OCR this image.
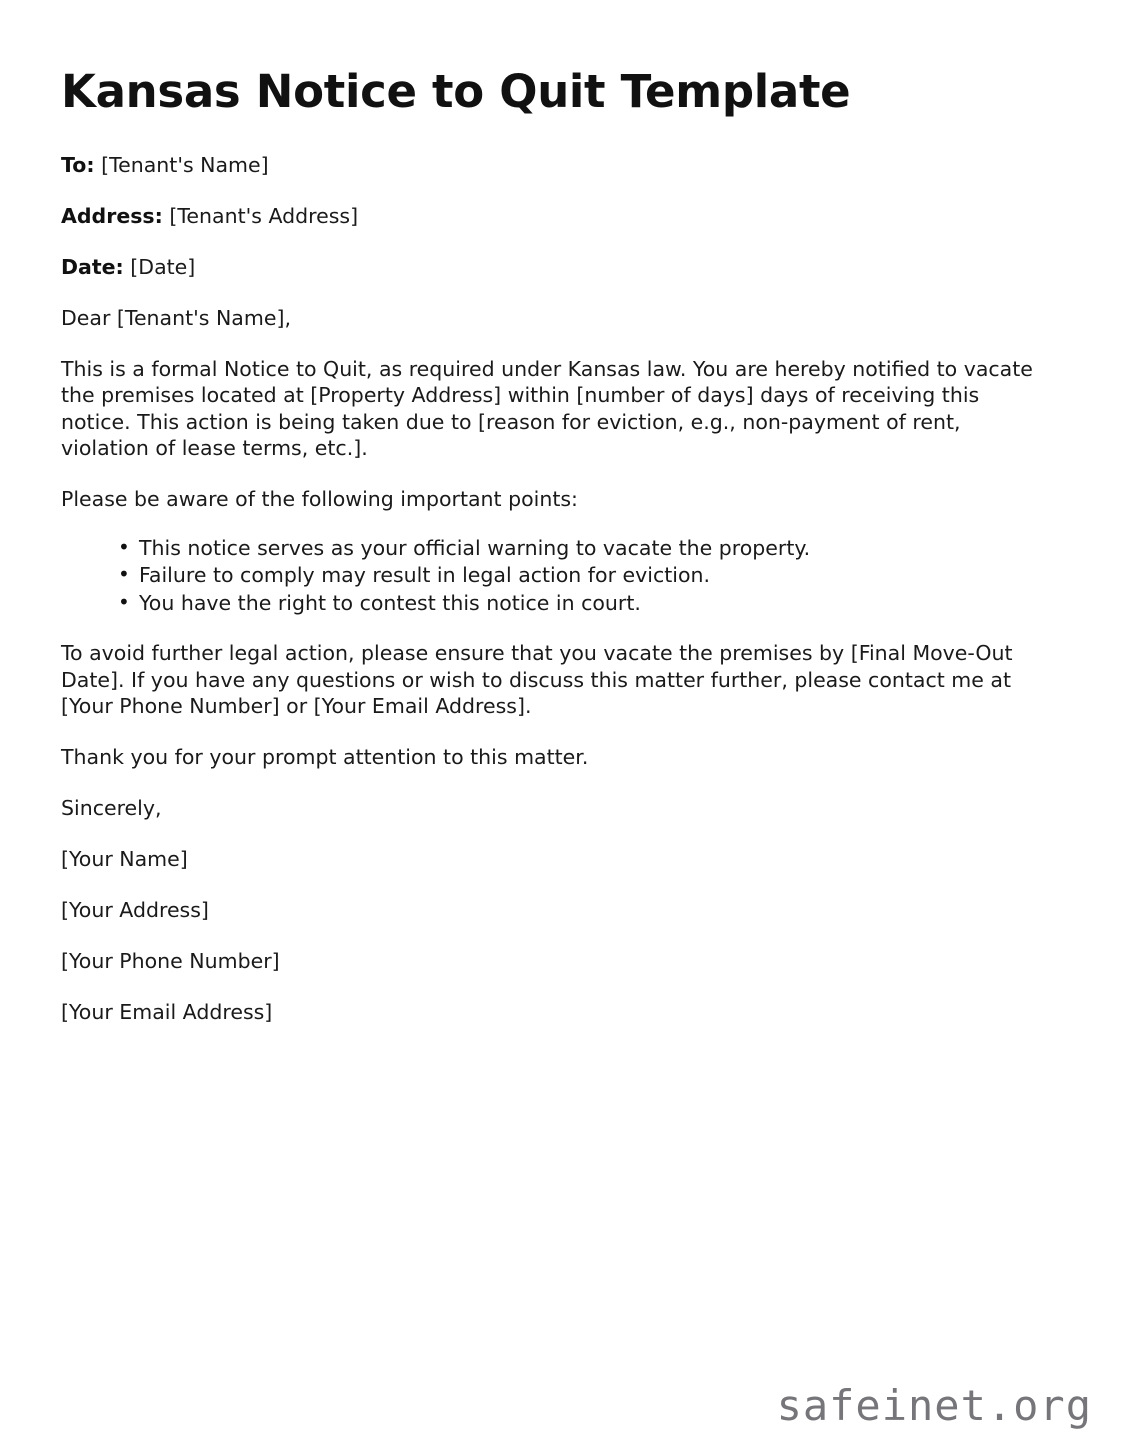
Kansas Notice to Quit Template

To: [Tenant's Name]

Address: [Tenant's Address]

Date: [Date]

Dear [Tenant's Name],

This is a formal Notice to Quit, as required under Kansas law. You are hereby notified to vacate the premises located at [Property Address] within [number of days] days of receiving this notice. This action is being taken due to [reason for eviction, e.g., non-payment of rent, violation of lease terms, etc.].

Please be aware of the following important points:

• This notice serves as your official warning to vacate the property.
• Failure to comply may result in legal action for eviction.
• You have the right to contest this notice in court.

To avoid further legal action, please ensure that you vacate the premises by [Final Move-Out Date]. If you have any questions or wish to discuss this matter further, please contact me at [Your Phone Number] or [Your Email Address].

Thank you for your prompt attention to this matter.

Sincerely,

[Your Name]

[Your Address]

[Your Phone Number]

[Your Email Address]

safeinet.org
